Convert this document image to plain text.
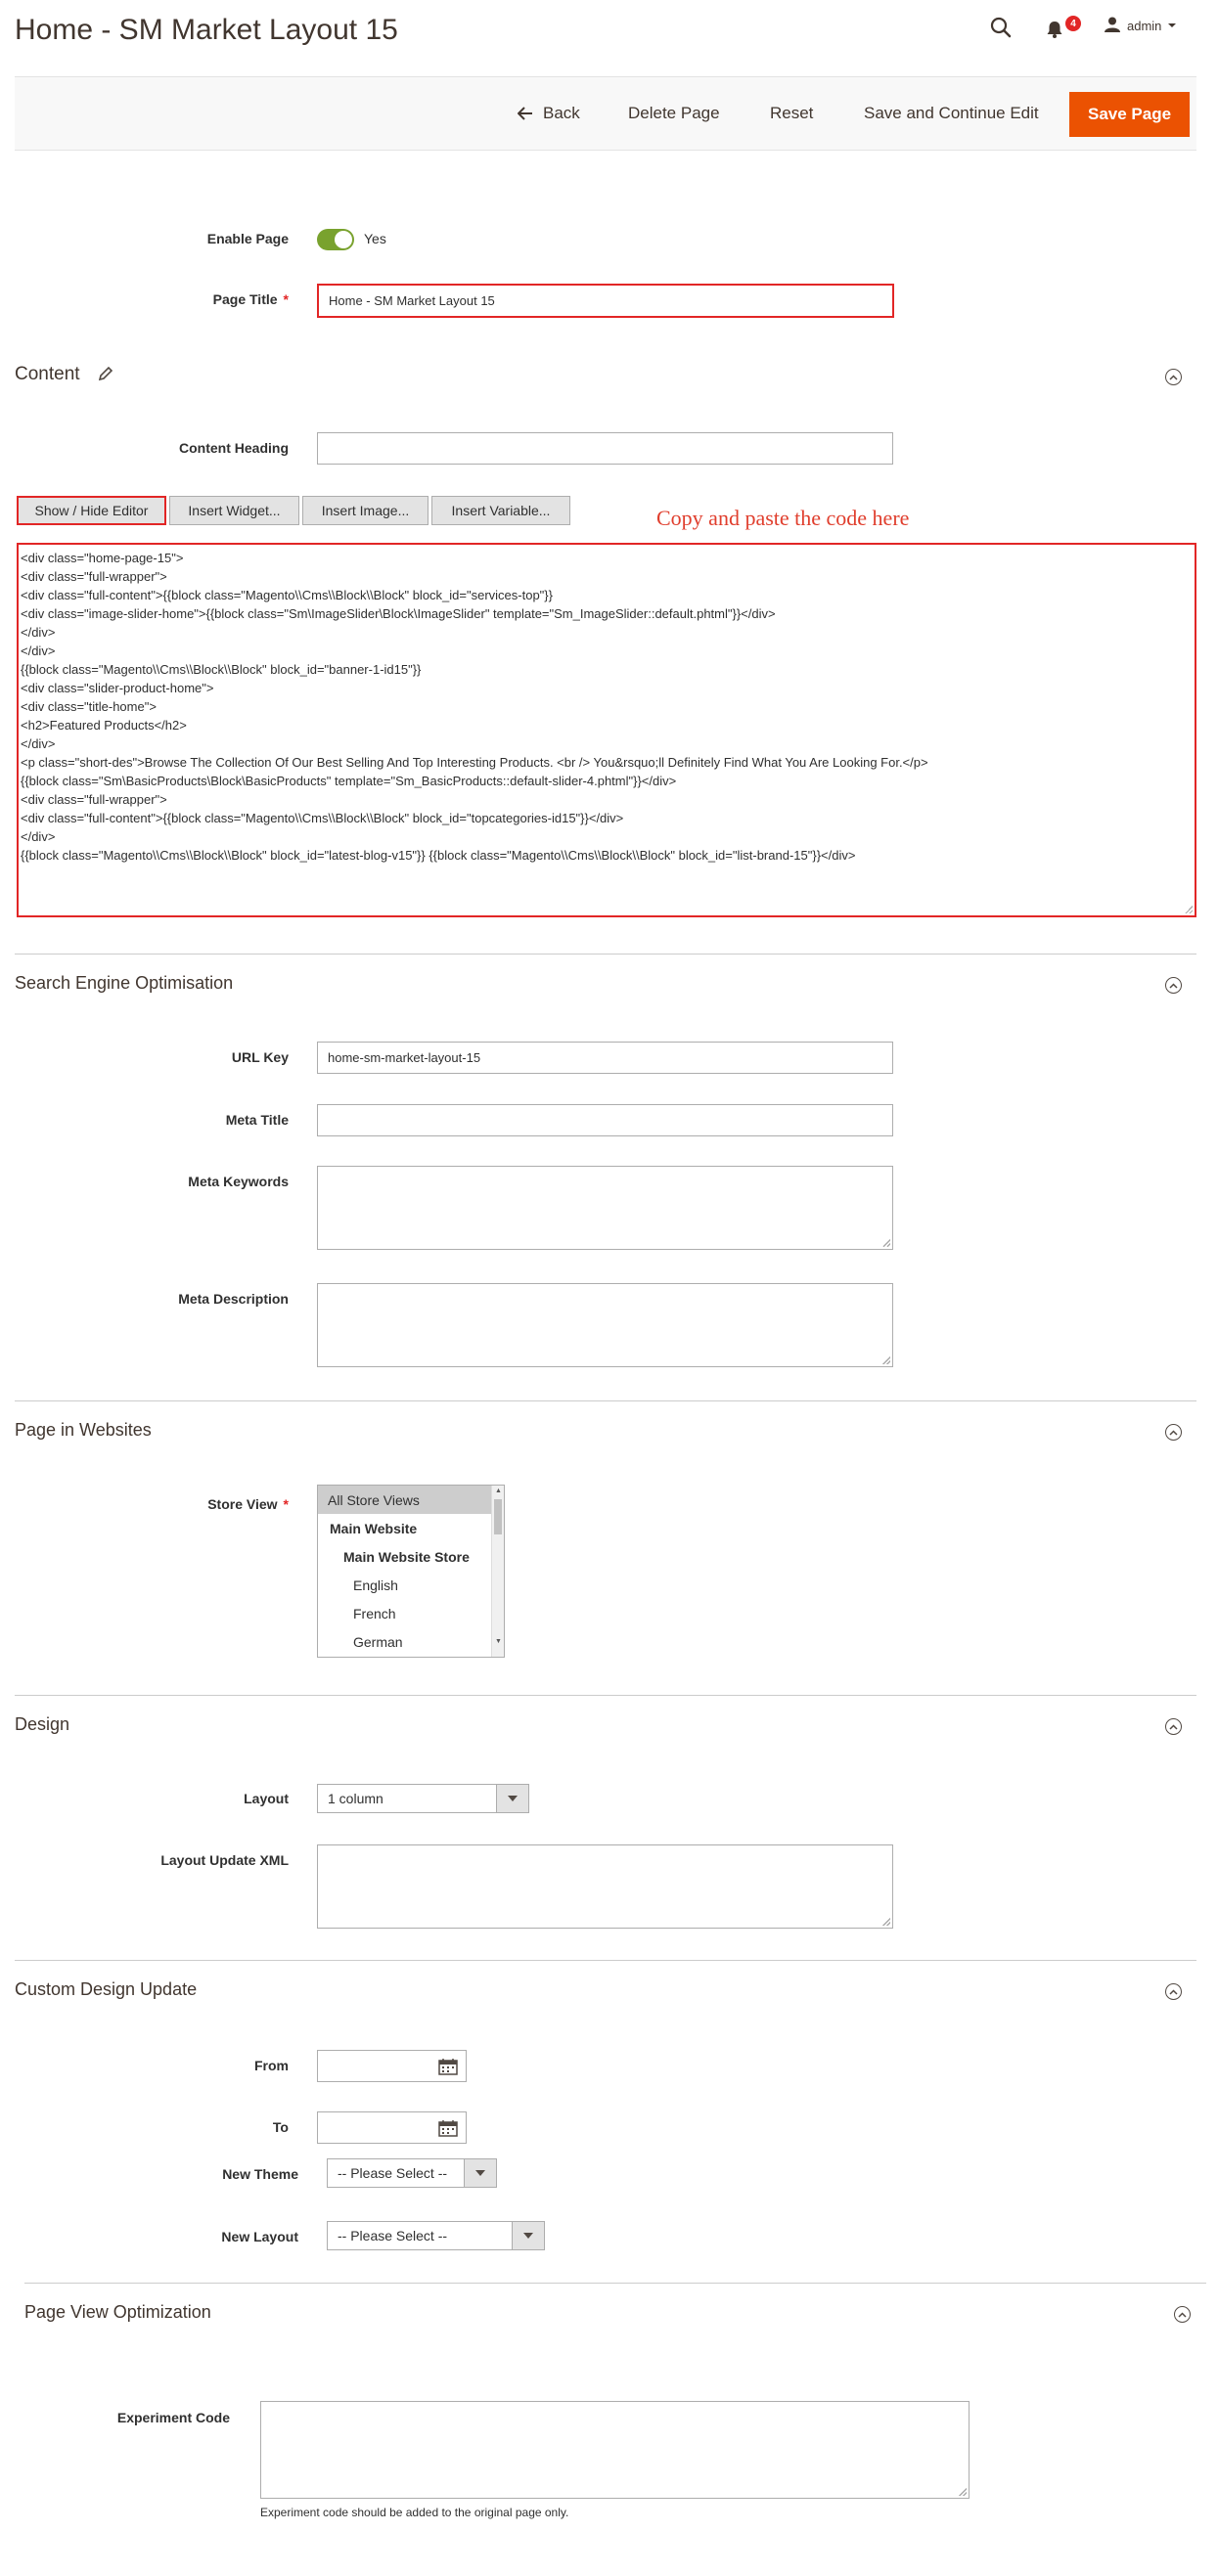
Home - SM Market Layout 15	4	admin
Back	Delete Page	Reset	Save and Continue Edit	Save Page
Enable Page	Yes
Page Title *	Home - SM Market Layout 15
Content
Content Heading
Show / Hide Editor	Insert Widget...	Insert Image...	Insert Variable...	Copy and paste the code here
<div class="home-page-15">
<div class="full-wrapper">
<div class="full-content">{{block class="Magento\\Cms\\Block\\Block" block_id="services-top"}}
<div class="image-slider-home">{{block class="Sm\ImageSlider\Block\ImageSlider" template="Sm_ImageSlider::default.phtml"}}</div>
</div>
</div>
{{block class="Magento\\Cms\\Block\\Block" block_id="banner-1-id15"}}
<div class="slider-product-home">
<div class="title-home">
<h2>Featured Products</h2>
</div>
<p class="short-des">Browse The Collection Of Our Best Selling And Top Interesting Products. <br /> You&rsquo;ll Definitely Find What You Are Looking For.</p>
{{block class="Sm\BasicProducts\Block\BasicProducts" template="Sm_BasicProducts::default-slider-4.phtml"}}</div>
<div class="full-wrapper">
<div class="full-content">{{block class="Magento\\Cms\\Block\\Block" block_id="topcategories-id15"}}</div>
</div>
{{block class="Magento\\Cms\\Block\\Block" block_id="latest-blog-v15"}} {{block class="Magento\\Cms\\Block\\Block" block_id="list-brand-15"}}</div>
Search Engine Optimisation
URL Key	home-sm-market-layout-15
Meta Title
Meta Keywords
Meta Description
Page in Websites
Store View *	All Store Views
Main Website
Main Website Store
English
French
German
▲
▼
Design
Layout	1 column
Layout Update XML
Custom Design Update
From
To
New Theme	-- Please Select --
New Layout	-- Please Select --
Page View Optimization
Experiment Code
Experiment code should be added to the original page only.
